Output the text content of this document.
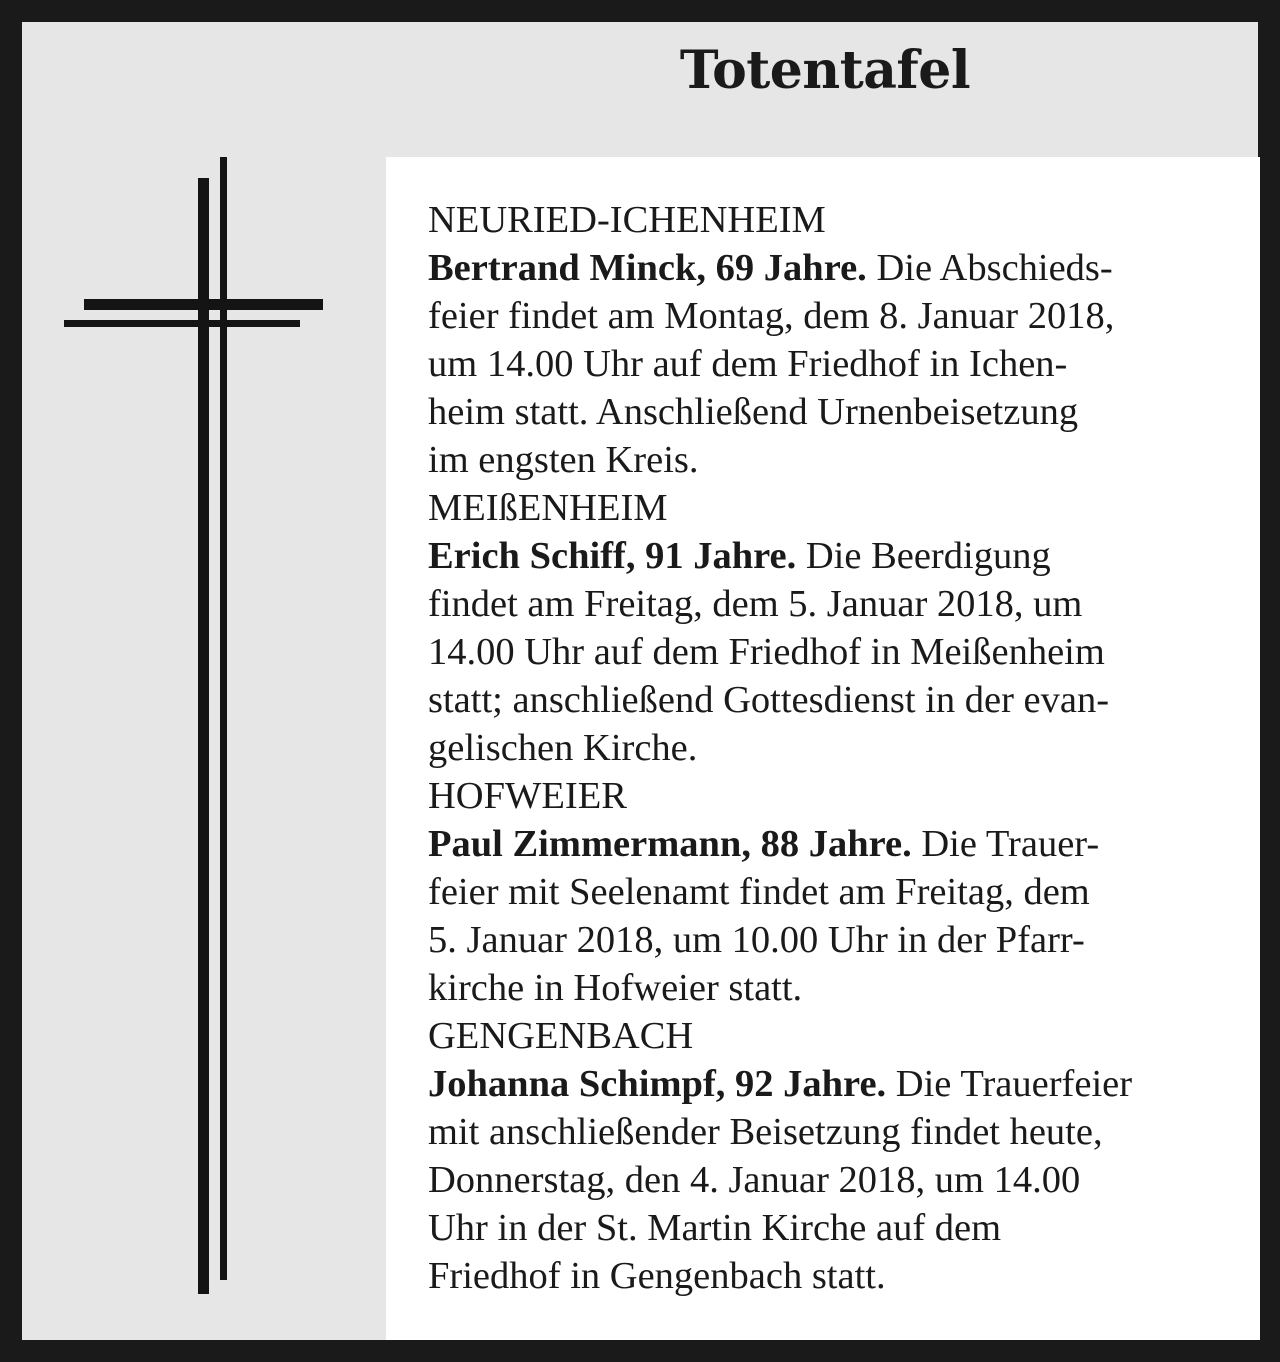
Totentafel
NEURIED-ICHENHEIM
Bertrand Minck, 69 Jahre. Die Abschieds-
feier findet am Montag, dem 8. Januar 2018,
um 14.00 Uhr auf dem Friedhof in Ichen-
heim statt. Anschließend Urnenbeisetzung
im engsten Kreis.
MEIßENHEIM
Erich Schiff, 91 Jahre. Die Beerdigung
findet am Freitag, dem 5. Januar 2018, um
14.00 Uhr auf dem Friedhof in Meißenheim
statt; anschließend Gottesdienst in der evan-
gelischen Kirche.
HOFWEIER
Paul Zimmermann, 88 Jahre. Die Trauer-
feier mit Seelenamt findet am Freitag, dem
5. Januar 2018, um 10.00 Uhr in der Pfarr-
kirche in Hofweier statt.
GENGENBACH
Johanna Schimpf, 92 Jahre. Die Trauerfeier
mit anschließender Beisetzung findet heute,
Donnerstag, den 4. Januar 2018, um 14.00
Uhr in der St. Martin Kirche auf dem
Friedhof in Gengenbach statt.
